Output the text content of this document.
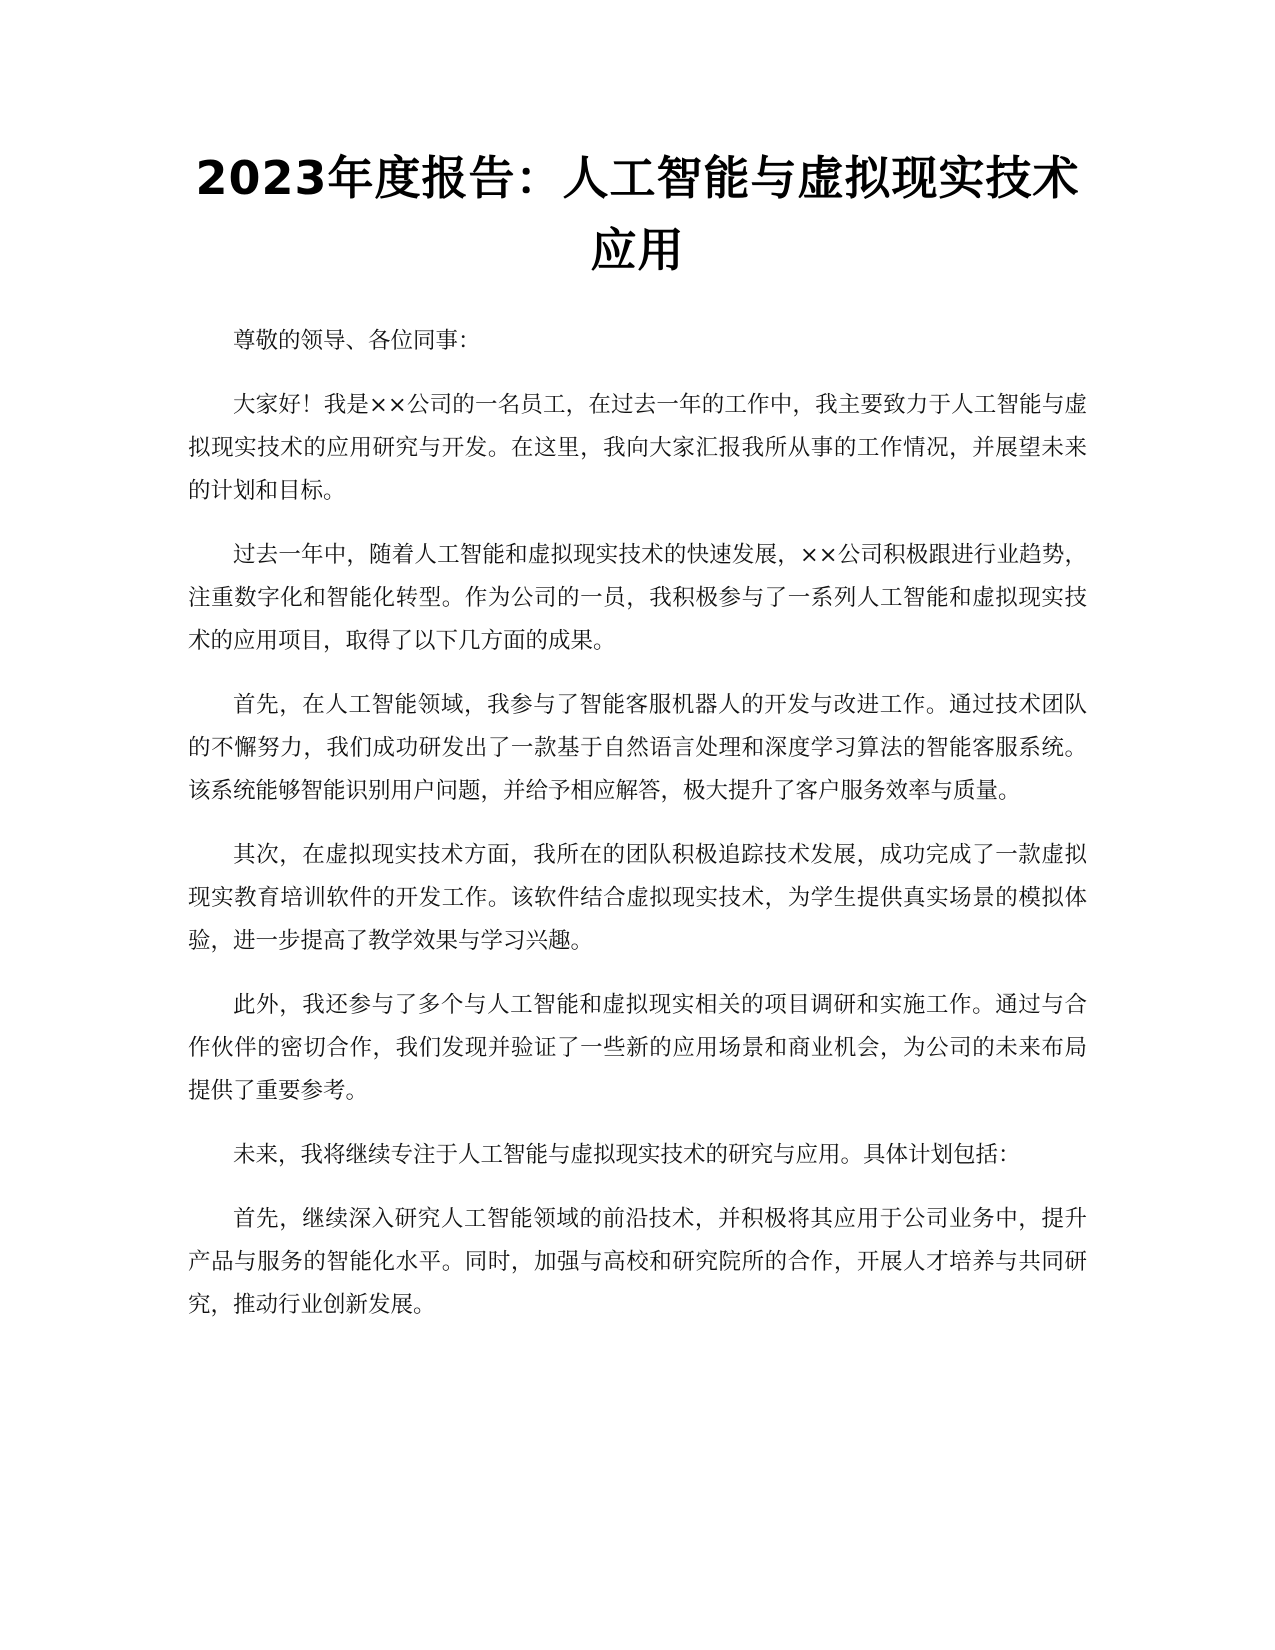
2023年度报告：人工智能与虚拟现实技术应用

尊敬的领导、各位同事：

大家好！我是××公司的一名员工，在过去一年的工作中，我主要致力于人工智能与虚拟现实技术的应用研究与开发。在这里，我向大家汇报我所从事的工作情况，并展望未来的计划和目标。

过去一年中，随着人工智能和虚拟现实技术的快速发展，××公司积极跟进行业趋势，注重数字化和智能化转型。作为公司的一员，我积极参与了一系列人工智能和虚拟现实技术的应用项目，取得了以下几方面的成果。

首先，在人工智能领域，我参与了智能客服机器人的开发与改进工作。通过技术团队的不懈努力，我们成功研发出了一款基于自然语言处理和深度学习算法的智能客服系统。该系统能够智能识别用户问题，并给予相应解答，极大提升了客户服务效率与质量。

其次，在虚拟现实技术方面，我所在的团队积极追踪技术发展，成功完成了一款虚拟现实教育培训软件的开发工作。该软件结合虚拟现实技术，为学生提供真实场景的模拟体验，进一步提高了教学效果与学习兴趣。

此外，我还参与了多个与人工智能和虚拟现实相关的项目调研和实施工作。通过与合作伙伴的密切合作，我们发现并验证了一些新的应用场景和商业机会，为公司的未来布局提供了重要参考。

未来，我将继续专注于人工智能与虚拟现实技术的研究与应用。具体计划包括：

首先，继续深入研究人工智能领域的前沿技术，并积极将其应用于公司业务中，提升产品与服务的智能化水平。同时，加强与高校和研究院所的合作，开展人才培养与共同研究，推动行业创新发展。
